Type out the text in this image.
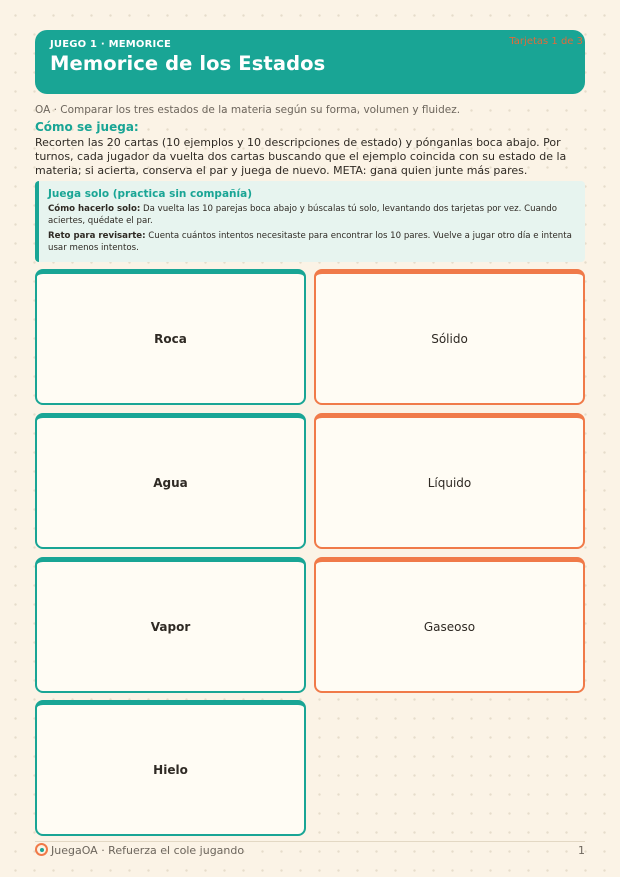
JUEGO 1 · MEMORICE
Memorice de los Estados
Tarjetas 1 de 3
OA · Comparar los tres estados de la materia según su forma, volumen y fluidez.
Cómo se juega:
Recorten las 20 cartas (10 ejemplos y 10 descripciones de estado) y pónganlas boca abajo. Por turnos, cada jugador da vuelta dos cartas buscando que el ejemplo coincida con su estado de la materia; si acierta, conserva el par y juega de nuevo. META: gana quien junte más pares.
Juega solo (practica sin compañía)
Cómo hacerlo solo: Da vuelta las 10 parejas boca abajo y búscalas tú solo, levantando dos tarjetas por vez. Cuando aciertes, quédate el par.
Reto para revisarte: Cuenta cuántos intentos necesitaste para encontrar los 10 pares. Vuelve a jugar otro día e intenta usar menos intentos.
Roca	Sólido
Agua	Líquido
Vapor	Gaseoso
Hielo
JuegaOA · Refuerza el cole jugando	1
